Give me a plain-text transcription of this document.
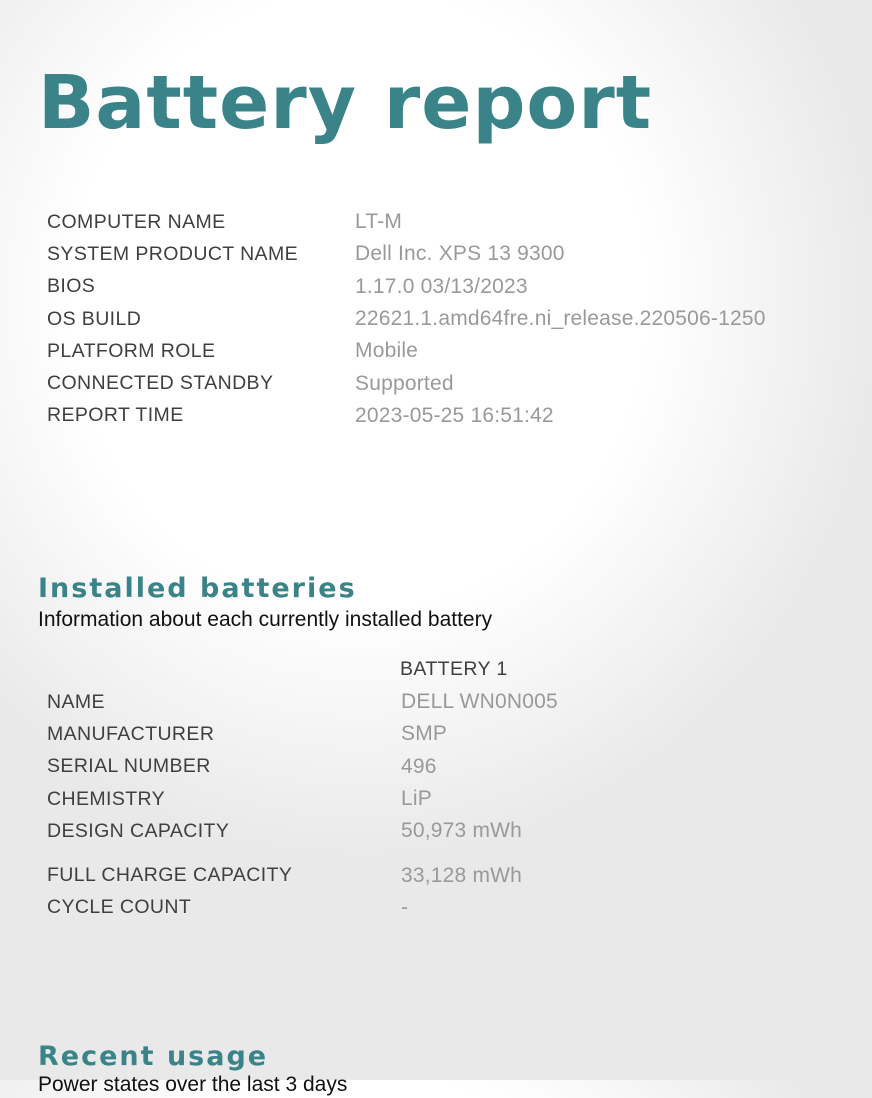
Battery report
COMPUTER NAME	LT-M
SYSTEM PRODUCT NAME	Dell Inc. XPS 13 9300
BIOS	1.17.0 03/13/2023
OS BUILD	22621.1.amd64fre.ni_release.220506-1250
PLATFORM ROLE	Mobile
CONNECTED STANDBY	Supported
REPORT TIME	2023-05-25 16:51:42
Installed batteries

Information about each currently installed battery

BATTERY 1
NAME	DELL WN0N005
MANUFACTURER	SMP
SERIAL NUMBER	496
CHEMISTRY	LiP
DESIGN CAPACITY	50,973 mWh
FULL CHARGE CAPACITY	33,128 mWh
CYCLE COUNT	-
Recent usage

Power states over the last 3 days
